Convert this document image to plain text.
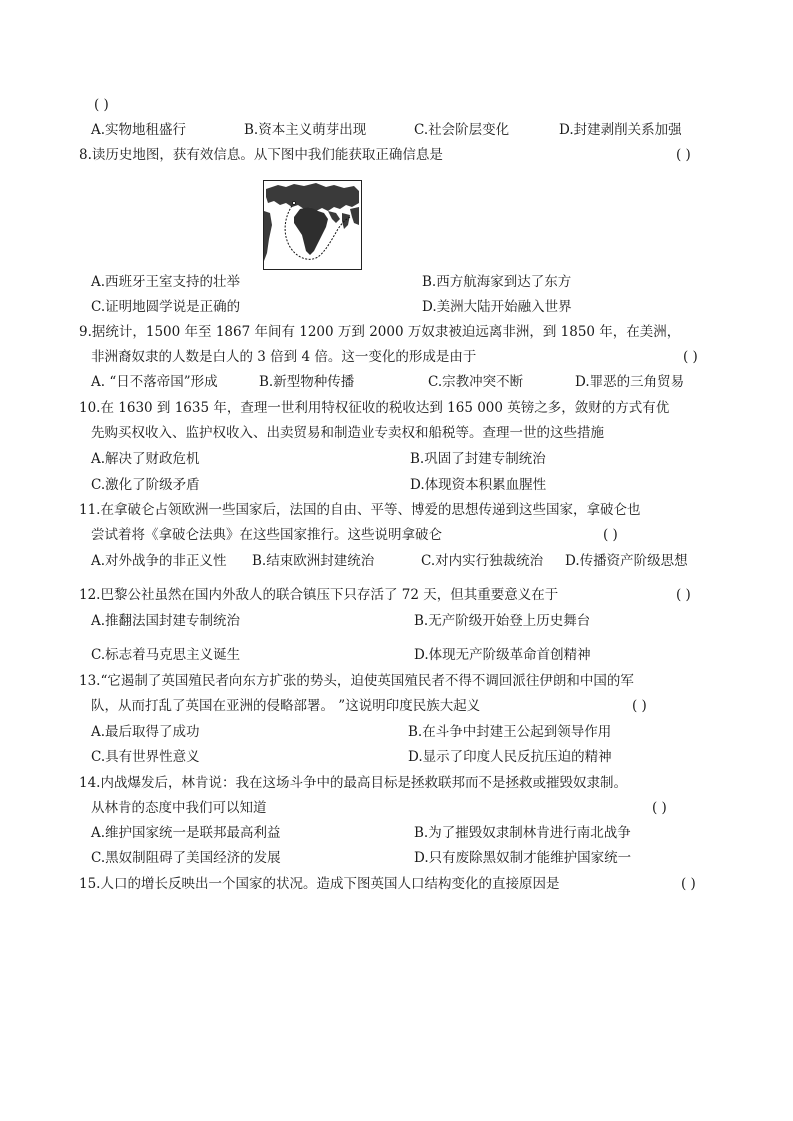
( )
A.实物地租盛行	B.资本主义萌芽出现	C.社会阶层变化	D.封建剥削关系加强
8.读历史地图，获有效信息。从下图中我们能获取正确信息是	( )
A.西班牙王室支持的壮举	B.西方航海家到达了东方
C.证明地圆学说是正确的	D.美洲大陆开始融入世界
9.据统计，1500 年至 1867 年间有 1200 万到 2000 万奴隶被迫远离非洲，到 1850 年，在美洲，
非洲裔奴隶的人数是白人的 3 倍到 4 倍。这一变化的形成是由于	( )
A. “日不落帝国”形成	B.新型物种传播	C.宗教冲突不断	D.罪恶的三角贸易
10.在 1630 到 1635 年，查理一世利用特权征收的税收达到 165 000 英镑之多，敛财的方式有优
先购买权收入、监护权收入、出卖贸易和制造业专卖权和船税等。查理一世的这些措施
A.解决了财政危机	B.巩固了封建专制统治
C.激化了阶级矛盾	D.体现资本积累血腥性
11.在拿破仑占领欧洲一些国家后，法国的自由、平等、博爱的思想传递到这些国家，拿破仑也
尝试着将《拿破仑法典》在这些国家推行。这些说明拿破仑	( )
A.对外战争的非正义性 B.结束欧洲封建统治	C.对内实行独裁统治 D.传播资产阶级思想
12.巴黎公社虽然在国内外敌人的联合镇压下只存活了 72 天，但其重要意义在于	( )
A.推翻法国封建专制统治	B.无产阶级开始登上历史舞台
C.标志着马克思主义诞生	D.体现无产阶级革命首创精神
13.“它遏制了英国殖民者向东方扩张的势头，迫使英国殖民者不得不调回派往伊朗和中国的军
队，从而打乱了英国在亚洲的侵略部署。 ”这说明印度民族大起义	( )
A.最后取得了成功	B.在斗争中封建王公起到领导作用
C.具有世界性意义	D.显示了印度人民反抗压迫的精神
14.内战爆发后，林肯说：我在这场斗争中的最高目标是拯救联邦而不是拯救或摧毁奴隶制。
从林肯的态度中我们可以知道	( )
A.维护国家统一是联邦最高利益	B.为了摧毁奴隶制林肯进行南北战争
C.黑奴制阻碍了美国经济的发展	D.只有废除黑奴制才能维护国家统一
15.人口的增长反映出一个国家的状况。造成下图英国人口结构变化的直接原因是	( )
